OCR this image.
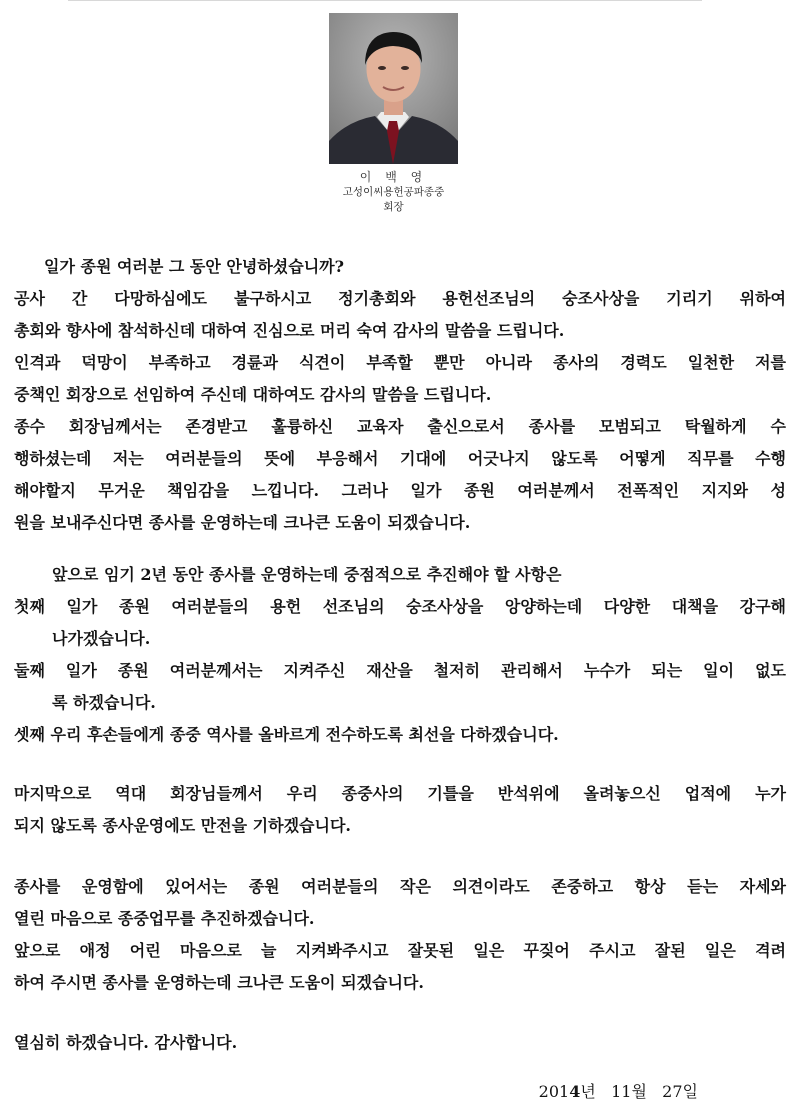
이 백 영
고성이씨용헌공파종중
회장
일가 종원 여러분 그 동안 안녕하셨습니까?
공사 간 다망하심에도 불구하시고 정기총회와 용헌선조님의 숭조사상을 기리기 위하여
총회와 향사에 참석하신데 대하여 진심으로 머리 숙여 감사의 말씀을 드립니다.
인격과 덕망이 부족하고 경륜과 식견이 부족할 뿐만 아니라 종사의 경력도 일천한 저를
중책인 회장으로 선임하여 주신데 대하여도 감사의 말씀을 드립니다.
종수 회장님께서는 존경받고 훌륭하신 교육자 출신으로서 종사를 모범되고 탁월하게 수
행하셨는데 저는 여러분들의 뜻에 부응해서 기대에 어긋나지 않도록 어떻게 직무를 수행
해야할지 무거운 책임감을 느낍니다. 그러나 일가 종원 여러분께서 전폭적인 지지와 성
원을 보내주신다면 종사를 운영하는데 크나큰 도움이 되겠습니다.
앞으로 임기 2년 동안 종사를 운영하는데 중점적으로 추진해야 할 사항은
첫째 일가 종원 여러분들의 용헌 선조님의 숭조사상을 앙양하는데 다양한 대책을 강구해
나가겠습니다.
둘째 일가 종원 여러분께서는 지켜주신 재산을 철저히 관리해서 누수가 되는 일이 없도
록 하겠습니다.
셋째 우리 후손들에게 종중 역사를 올바르게 전수하도록 최선을 다하겠습니다.
마지막으로 역대 회장님들께서 우리 종중사의 기틀을 반석위에 올려놓으신 업적에 누가
되지 않도록 종사운영에도 만전을 기하겠습니다.
종사를 운영함에 있어서는 종원 여러분들의 작은 의견이라도 존중하고 항상 듣는 자세와
열린 마음으로 종중업무를 추진하겠습니다.
앞으로 애정 어린 마음으로 늘 지켜봐주시고 잘못된 일은 꾸짖어 주시고 잘된 일은 격려
하여 주시면 종사를 운영하는데 크나큰 도움이 되겠습니다.
열심히 하겠습니다. 감사합니다.
2014년 11월 27일
